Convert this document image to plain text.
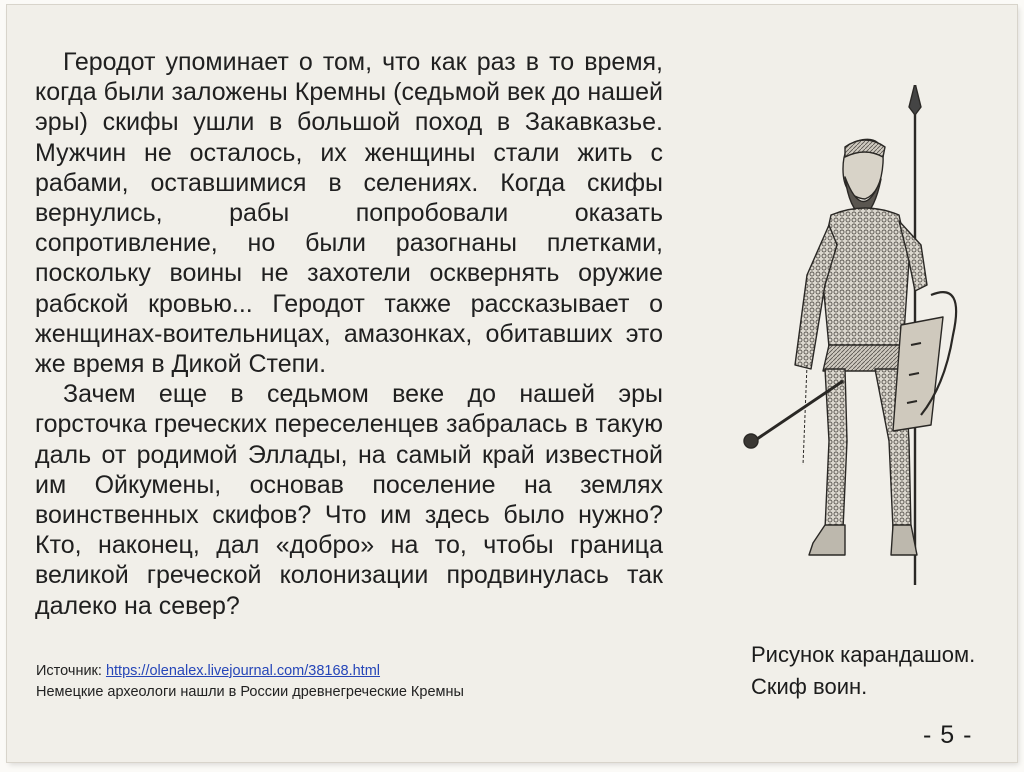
Геродот упоминает о том, что как раз в то время, когда были заложены Кремны (седьмой век до нашей эры) скифы ушли в большой поход в Закавказье. Мужчин не осталось, их женщины стали жить с рабами, оставшимися в селениях. Когда скифы вернулись, рабы попробовали оказать сопротивление, но были разогнаны плетками, поскольку воины не захотели осквернять оружие рабской кровью... Геродот также рассказывает о женщинах-воительницах, амазонках, обитавших это же время в Дикой Степи.

Зачем еще в седьмом веке до нашей эры горсточка греческих переселенцев забралась в такую даль от родимой Эллады, на самый край известной им Ойкумены, основав поселение на землях воинственных скифов? Что им здесь было нужно? Кто, наконец, дал «добро» на то, чтобы граница великой греческой колонизации продвинулась так далеко на север?

Источник: https://olenalex.livejournal.com/38168.html
Немецкие археологи нашли в России древнегреческие Кремны
Рисунок карандашом.
Скиф воин.
- 5 -
